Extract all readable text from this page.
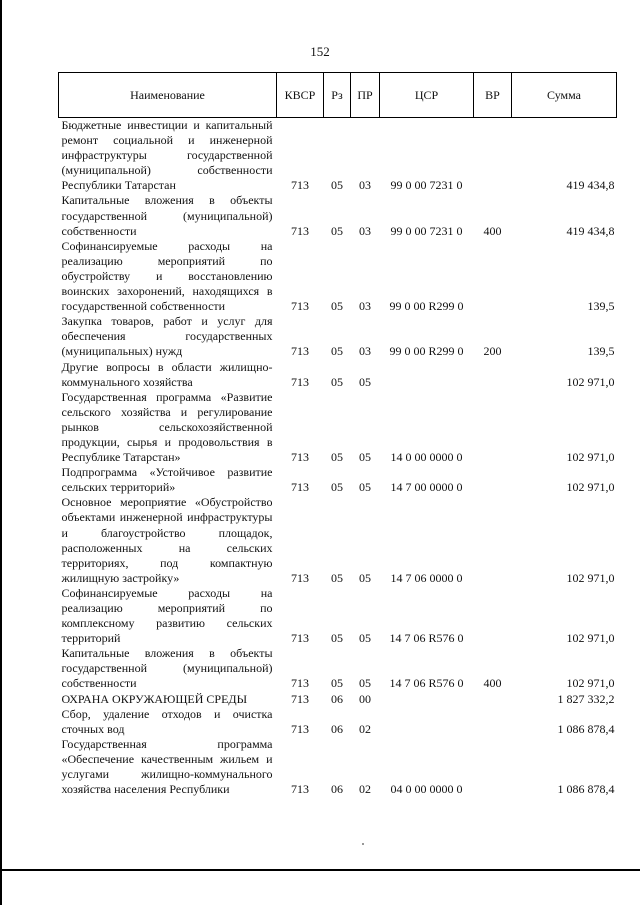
152
Наименование	КВСР	Рз	ПР	ЦСР	ВР	Сумма
Бюджетные инвестиции и капитальный ремонт социальной и инженерной инфраструктуры государственной (муниципальной) собственности Республики Татарстан	713	05	03	99 0 00 7231 0		419 434,8
Капитальные вложения в объекты государственной (муниципальной) собственности	713	05	03	99 0 00 7231 0	400	419 434,8
Софинансируемые расходы на реализацию мероприятий по обустройству и восстановлению воинских захоронений, находящихся в государственной собственности	713	05	03	99 0 00 R299 0		139,5
Закупка товаров, работ и услуг для обеспечения государственных (муниципальных) нужд	713	05	03	99 0 00 R299 0	200	139,5
Другие вопросы в области жилищно-коммунального хозяйства	713	05	05			102 971,0
Государственная программа «Развитие сельского хозяйства и регулирование рынков сельскохозяйственной продукции, сырья и продовольствия в Республике Татарстан»	713	05	05	14 0 00 0000 0		102 971,0
Подпрограмма «Устойчивое развитие сельских территорий»	713	05	05	14 7 00 0000 0		102 971,0
Основное мероприятие «Обустройство объектами инженерной инфраструктуры и благоустройство площадок, расположенных на сельских территориях, под компактную жилищную застройку»	713	05	05	14 7 06 0000 0		102 971,0
Софинансируемые расходы на реализацию мероприятий по комплексному развитию сельских территорий	713	05	05	14 7 06 R576 0		102 971,0
Капитальные вложения в объекты государственной (муниципальной) собственности	713	05	05	14 7 06 R576 0	400	102 971,0
ОХРАНА ОКРУЖАЮЩЕЙ СРЕДЫ	713	06	00			1 827 332,2
Сбор, удаление отходов и очистка сточных вод	713	06	02			1 086 878,4
Государственная программа «Обеспечение качественным жильем и услугами жилищно-коммунального хозяйства населения Республики	713	06	02	04 0 00 0000 0		1 086 878,4
